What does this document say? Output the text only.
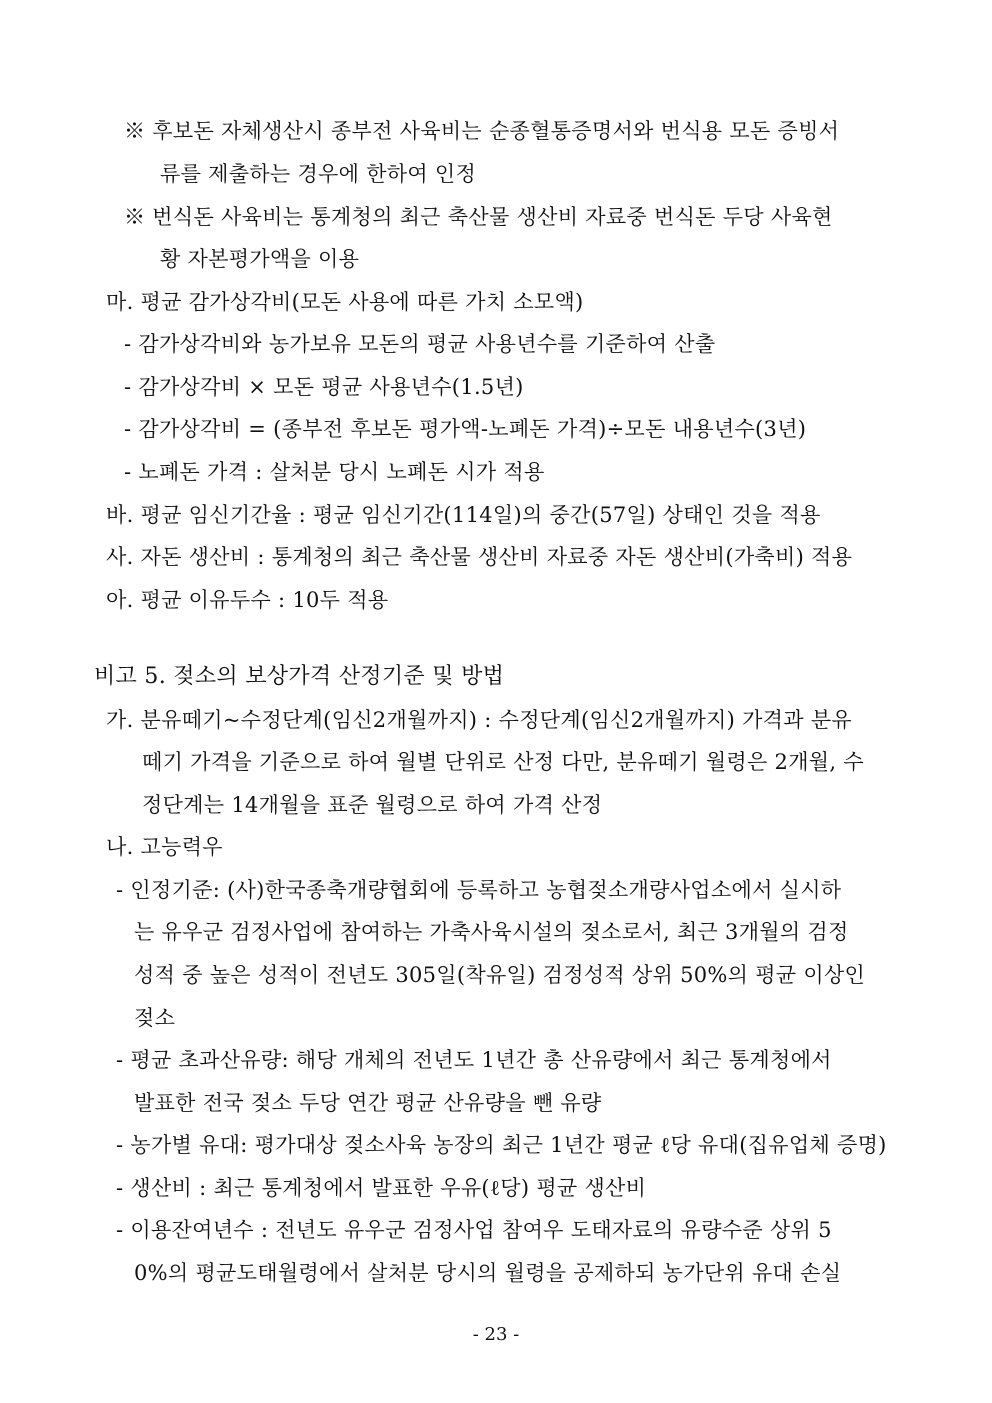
※ 후보돈 자체생산시 종부전 사육비는 순종혈통증명서와 번식용 모돈 증빙서
류를 제출하는 경우에 한하여 인정
※ 번식돈 사육비는 통계청의 최근 축산물 생산비 자료중 번식돈 두당 사육현
황 자본평가액을 이용
마. 평균 감가상각비(모돈 사용에 따른 가치 소모액)
- 감가상각비와 농가보유 모돈의 평균 사용년수를 기준하여 산출
- 감가상각비 × 모돈 평균 사용년수(1.5년)
- 감가상각비 = (종부전 후보돈 평가액-노폐돈 가격)÷모돈 내용년수(3년)
- 노폐돈 가격 : 살처분 당시 노폐돈 시가 적용
바. 평균 임신기간율 : 평균 임신기간(114일)의 중간(57일) 상태인 것을 적용
사. 자돈 생산비 : 통계청의 최근 축산물 생산비 자료중 자돈 생산비(가축비) 적용
아. 평균 이유두수 : 10두 적용
비고 5. 젖소의 보상가격 산정기준 및 방법
가. 분유떼기~수정단계(임신2개월까지) : 수정단계(임신2개월까지) 가격과 분유
떼기 가격을 기준으로 하여 월별 단위로 산정 다만, 분유떼기 월령은 2개월, 수
정단계는 14개월을 표준 월령으로 하여 가격 산정
나. 고능력우
- 인정기준: (사)한국종축개량협회에 등록하고 농협젖소개량사업소에서 실시하
는 유우군 검정사업에 참여하는 가축사육시설의 젖소로서, 최근 3개월의 검정
성적 중 높은 성적이 전년도 305일(착유일) 검정성적 상위 50%의 평균 이상인
젖소
- 평균 초과산유량: 해당 개체의 전년도 1년간 총 산유량에서 최근 통계청에서
발표한 전국 젖소 두당 연간 평균 산유량을 뺀 유량
- 농가별 유대: 평가대상 젖소사육 농장의 최근 1년간 평균 ℓ당 유대(집유업체 증명)
- 생산비 : 최근 통계청에서 발표한 우유(ℓ당) 평균 생산비
- 이용잔여년수 : 전년도 유우군 검정사업 참여우 도태자료의 유량수준 상위 5
0%의 평균도태월령에서 살처분 당시의 월령을 공제하되 농가단위 유대 손실
- 23 -
